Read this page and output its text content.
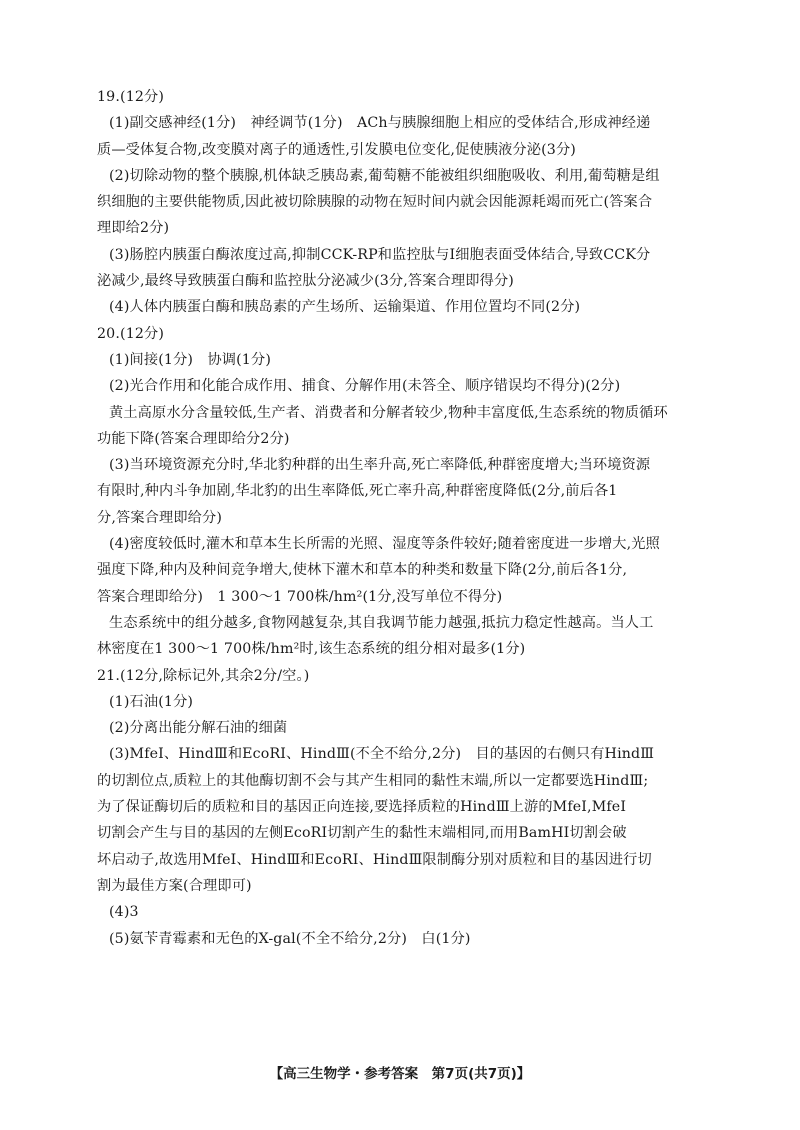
19.(12分)
(1)副交感神经(1分)　神经调节(1分)　ACh与胰腺细胞上相应的受体结合,形成神经递
质—受体复合物,改变膜对离子的通透性,引发膜电位变化,促使胰液分泌(3分)
(2)切除动物的整个胰腺,机体缺乏胰岛素,葡萄糖不能被组织细胞吸收、利用,葡萄糖是组
织细胞的主要供能物质,因此被切除胰腺的动物在短时间内就会因能源耗竭而死亡(答案合
理即给2分)
(3)肠腔内胰蛋白酶浓度过高,抑制CCK-RP和监控肽与I细胞表面受体结合,导致CCK分
泌减少,最终导致胰蛋白酶和监控肽分泌减少(3分,答案合理即得分)
(4)人体内胰蛋白酶和胰岛素的产生场所、运输渠道、作用位置均不同(2分)
20.(12分)
(1)间接(1分)　协调(1分)
(2)光合作用和化能合成作用、捕食、分解作用(未答全、顺序错误均不得分)(2分)
黄土高原水分含量较低,生产者、消费者和分解者较少,物种丰富度低,生态系统的物质循环
功能下降(答案合理即给分2分)
(3)当环境资源充分时,华北豹种群的出生率升高,死亡率降低,种群密度增大;当环境资源
有限时,种内斗争加剧,华北豹的出生率降低,死亡率升高,种群密度降低(2分,前后各1
分,答案合理即给分)
(4)密度较低时,灌木和草本生长所需的光照、湿度等条件较好;随着密度进一步增大,光照
强度下降,种内及种间竞争增大,使林下灌木和草本的种类和数量下降(2分,前后各1分,
答案合理即给分)　1 300～1 700株/hm²(1分,没写单位不得分)
生态系统中的组分越多,食物网越复杂,其自我调节能力越强,抵抗力稳定性越高。当人工
林密度在1 300～1 700株/hm²时,该生态系统的组分相对最多(1分)
21.(12分,除标记外,其余2分/空。)
(1)石油(1分)
(2)分离出能分解石油的细菌
(3)MfeⅠ、HindⅢ和EcoRⅠ、HindⅢ(不全不给分,2分)　目的基因的右侧只有HindⅢ
的切割位点,质粒上的其他酶切割不会与其产生相同的黏性末端,所以一定都要选HindⅢ;
为了保证酶切后的质粒和目的基因正向连接,要选择质粒的HindⅢ上游的MfeⅠ,MfeⅠ
切割会产生与目的基因的左侧EcoRⅠ切割产生的黏性末端相同,而用BamHⅠ切割会破
坏启动子,故选用MfeⅠ、HindⅢ和EcoRⅠ、HindⅢ限制酶分别对质粒和目的基因进行切
割为最佳方案(合理即可)
(4)3
(5)氨苄青霉素和无色的X-gal(不全不给分,2分)　白(1分)
【高三生物学・参考答案　第7页(共7页)】
